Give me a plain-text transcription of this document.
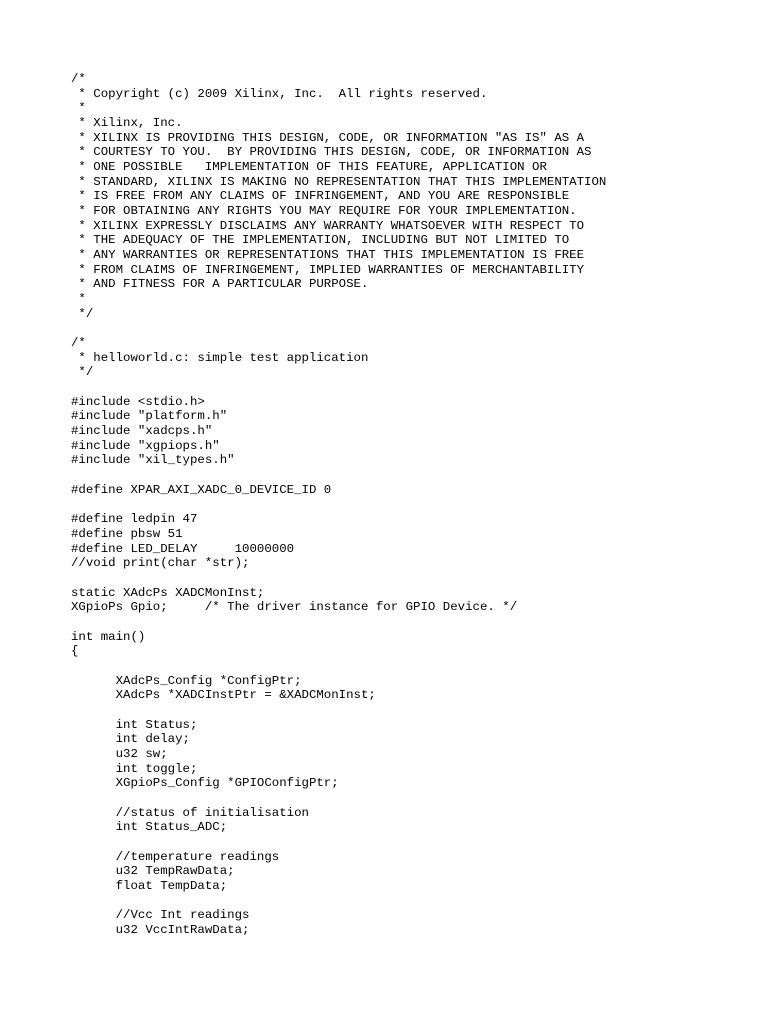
/*
* Copyright (c) 2009 Xilinx, Inc.  All rights reserved.
*
* Xilinx, Inc.
* XILINX IS PROVIDING THIS DESIGN, CODE, OR INFORMATION "AS IS" AS A
* COURTESY TO YOU.  BY PROVIDING THIS DESIGN, CODE, OR INFORMATION AS
* ONE POSSIBLE   IMPLEMENTATION OF THIS FEATURE, APPLICATION OR
* STANDARD, XILINX IS MAKING NO REPRESENTATION THAT THIS IMPLEMENTATION
* IS FREE FROM ANY CLAIMS OF INFRINGEMENT, AND YOU ARE RESPONSIBLE
* FOR OBTAINING ANY RIGHTS YOU MAY REQUIRE FOR YOUR IMPLEMENTATION.
* XILINX EXPRESSLY DISCLAIMS ANY WARRANTY WHATSOEVER WITH RESPECT TO
* THE ADEQUACY OF THE IMPLEMENTATION, INCLUDING BUT NOT LIMITED TO
* ANY WARRANTIES OR REPRESENTATIONS THAT THIS IMPLEMENTATION IS FREE
* FROM CLAIMS OF INFRINGEMENT, IMPLIED WARRANTIES OF MERCHANTABILITY
* AND FITNESS FOR A PARTICULAR PURPOSE.
*
*/
/*
* helloworld.c: simple test application
*/
#include <stdio.h>
#include "platform.h"
#include "xadcps.h"
#include "xgpiops.h"
#include "xil_types.h"
#define XPAR_AXI_XADC_0_DEVICE_ID 0
#define ledpin 47
#define pbsw 51
#define LED_DELAY     10000000
//void print(char *str);
static XAdcPs XADCMonInst;
XGpioPs Gpio;     /* The driver instance for GPIO Device. */
int main()
{
XAdcPs_Config *ConfigPtr;
XAdcPs *XADCInstPtr = &XADCMonInst;
int Status;
int delay;
u32 sw;
int toggle;
XGpioPs_Config *GPIOConfigPtr;
//status of initialisation
int Status_ADC;
//temperature readings
u32 TempRawData;
float TempData;
//Vcc Int readings
u32 VccIntRawData;
